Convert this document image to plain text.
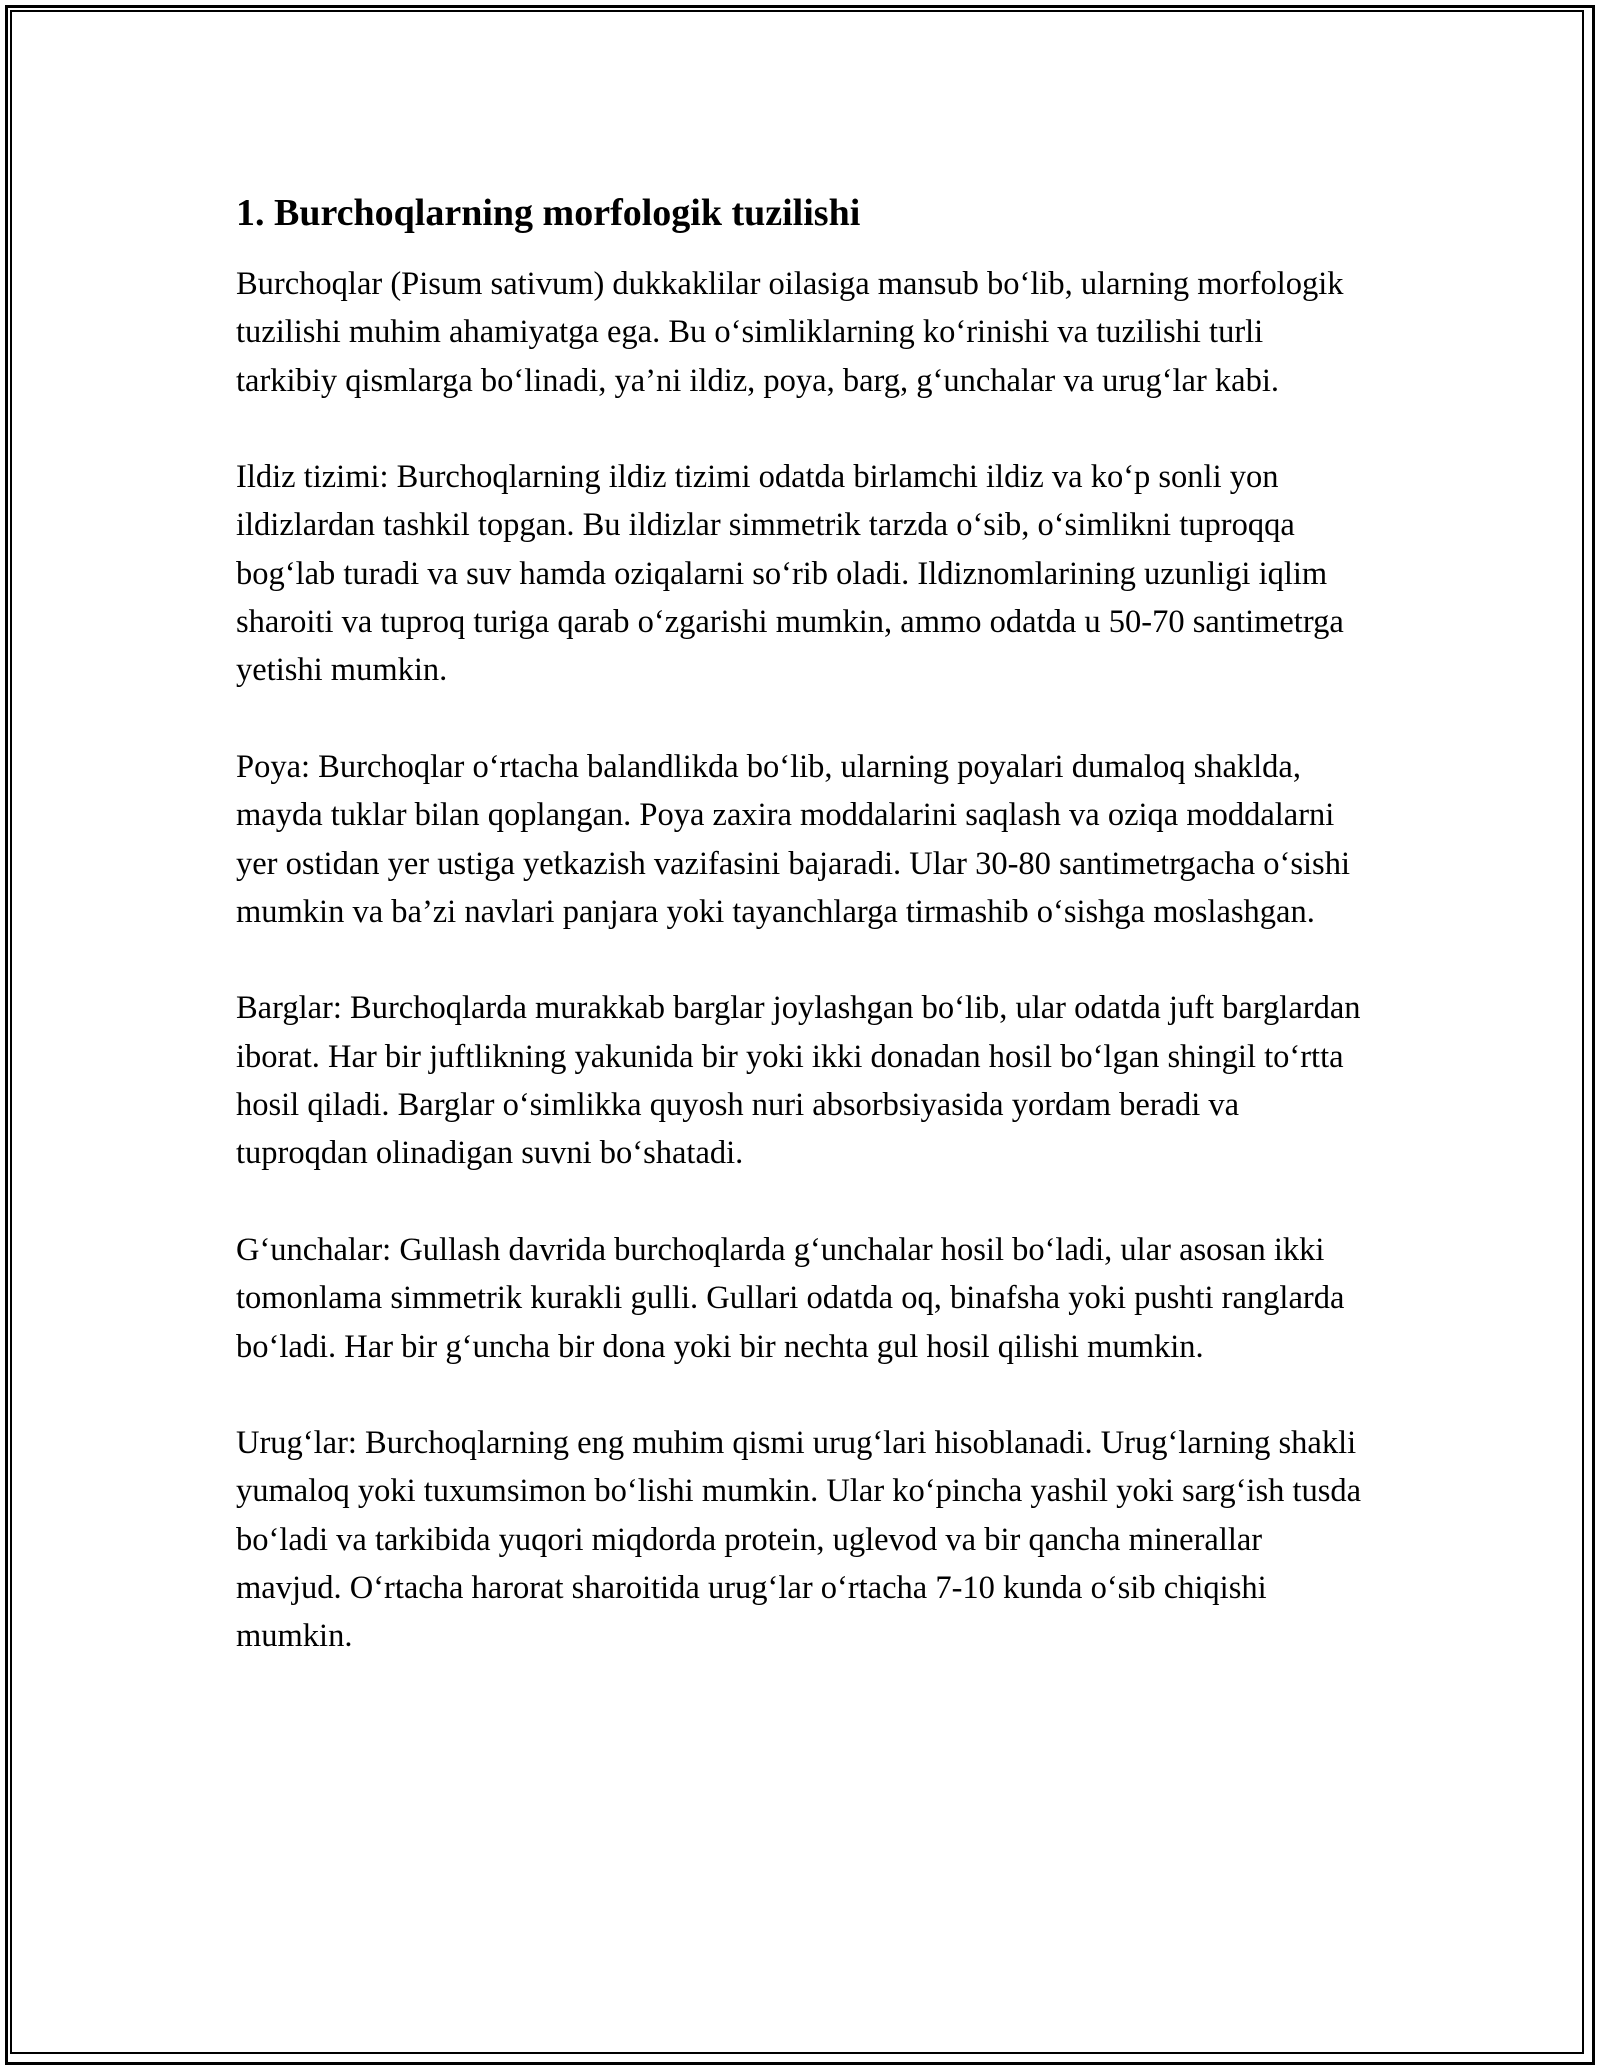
1. Burchoqlarning morfologik tuzilishi

Burchoqlar (Pisum sativum) dukkaklilar oilasiga mansub bo‘lib, ularning morfologik tuzilishi muhim ahamiyatga ega. Bu o‘simliklarning ko‘rinishi va tuzilishi turli tarkibiy qismlarga bo‘linadi, ya’ni ildiz, poya, barg, g‘unchalar va urug‘lar kabi.

Ildiz tizimi: Burchoqlarning ildiz tizimi odatda birlamchi ildiz va ko‘p sonli yon ildizlardan tashkil topgan. Bu ildizlar simmetrik tarzda o‘sib, o‘simlikni tuproqqa bog‘lab turadi va suv hamda oziqalarni so‘rib oladi. Ildiznomlarining uzunligi iqlim sharoiti va tuproq turiga qarab o‘zgarishi mumkin, ammo odatda u 50-70 santimetrga yetishi mumkin.

Poya: Burchoqlar o‘rtacha balandlikda bo‘lib, ularning poyalari dumaloq shaklda, mayda tuklar bilan qoplangan. Poya zaxira moddalarini saqlash va oziqa moddalarni yer ostidan yer ustiga yetkazish vazifasini bajaradi. Ular 30-80 santimetrgacha o‘sishi mumkin va ba’zi navlari panjara yoki tayanchlarga tirmashib o‘sishga moslashgan.

Barglar: Burchoqlarda murakkab barglar joylashgan bo‘lib, ular odatda juft barglardan iborat. Har bir juftlikning yakunida bir yoki ikki donadan hosil bo‘lgan shingil to‘rtta hosil qiladi. Barglar o‘simlikka quyosh nuri absorbsiyasida yordam beradi va tuproqdan olinadigan suvni bo‘shatadi.

G‘unchalar: Gullash davrida burchoqlarda g‘unchalar hosil bo‘ladi, ular asosan ikki tomonlama simmetrik kurakli gulli. Gullari odatda oq, binafsha yoki pushti ranglarda bo‘ladi. Har bir g‘uncha bir dona yoki bir nechta gul hosil qilishi mumkin.

Urug‘lar: Burchoqlarning eng muhim qismi urug‘lari hisoblanadi. Urug‘larning shakli yumaloq yoki tuxumsimon bo‘lishi mumkin. Ular ko‘pincha yashil yoki sarg‘ish tusda bo‘ladi va tarkibida yuqori miqdorda protein, uglevod va bir qancha minerallar mavjud. O‘rtacha harorat sharoitida urug‘lar o‘rtacha 7-10 kunda o‘sib chiqishi mumkin.
